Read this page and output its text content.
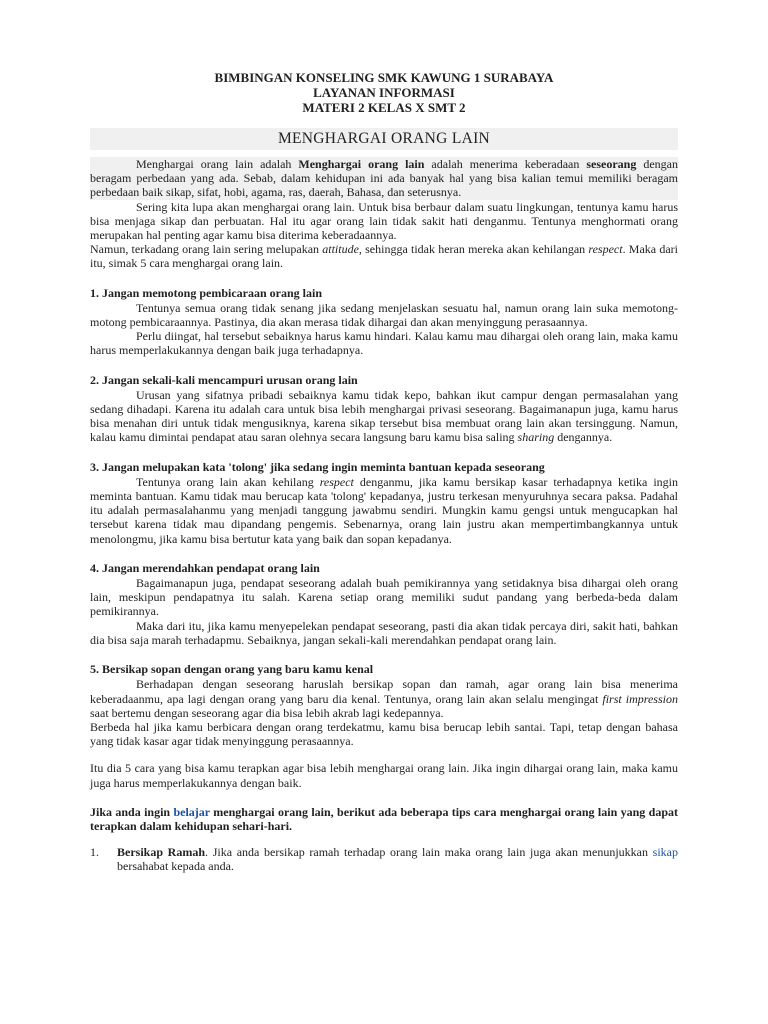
BIMBINGAN KONSELING SMK KAWUNG 1 SURABAYA
LAYANAN INFORMASI
MATERI 2 KELAS X SMT 2
MENGHARGAI ORANG LAIN

Menghargai orang lain adalah Menghargai orang lain adalah menerima keberadaan seseorang dengan beragam perbedaan yang ada. Sebab, dalam kehidupan ini ada banyak hal yang bisa kalian temui memiliki beragam perbedaan baik sikap, sifat, hobi, agama, ras, daerah, Bahasa, dan seterusnya.

Sering kita lupa akan menghargai orang lain. Untuk bisa berbaur dalam suatu lingkungan, tentunya kamu harus bisa menjaga sikap dan perbuatan. Hal itu agar orang lain tidak sakit hati denganmu. Tentunya menghormati orang merupakan hal penting agar kamu bisa diterima keberadaannya.

Namun, terkadang orang lain sering melupakan attitude, sehingga tidak heran mereka akan kehilangan respect. Maka dari itu, simak 5 cara menghargai orang lain.

1. Jangan memotong pembicaraan orang lain

Tentunya semua orang tidak senang jika sedang menjelaskan sesuatu hal, namun orang lain suka memotong-motong pembicaraannya. Pastinya, dia akan merasa tidak dihargai dan akan menyinggung perasaannya.

Perlu diingat, hal tersebut sebaiknya harus kamu hindari. Kalau kamu mau dihargai oleh orang lain, maka kamu harus memperlakukannya dengan baik juga terhadapnya.

2. Jangan sekali-kali mencampuri urusan orang lain

Urusan yang sifatnya pribadi sebaiknya kamu tidak kepo, bahkan ikut campur dengan permasalahan yang sedang dihadapi. Karena itu adalah cara untuk bisa lebih menghargai privasi seseorang. Bagaimanapun juga, kamu harus bisa menahan diri untuk tidak mengusiknya, karena sikap tersebut bisa membuat orang lain akan tersinggung. Namun, kalau kamu dimintai pendapat atau saran olehnya secara langsung baru kamu bisa saling sharing dengannya.

3. Jangan melupakan kata 'tolong' jika sedang ingin meminta bantuan kepada seseorang

Tentunya orang lain akan kehilang respect denganmu, jika kamu bersikap kasar terhadapnya ketika ingin meminta bantuan. Kamu tidak mau berucap kata 'tolong' kepadanya, justru terkesan menyuruhnya secara paksa. Padahal itu adalah permasalahanmu yang menjadi tanggung jawabmu sendiri. Mungkin kamu gengsi untuk mengucapkan hal tersebut karena tidak mau dipandang pengemis. Sebenarnya, orang lain justru akan mempertimbangkannya untuk menolongmu, jika kamu bisa bertutur kata yang baik dan sopan kepadanya.

4. Jangan merendahkan pendapat orang lain

Bagaimanapun juga, pendapat seseorang adalah buah pemikirannya yang setidaknya bisa dihargai oleh orang lain, meskipun pendapatnya itu salah. Karena setiap orang memiliki sudut pandang yang berbeda-beda dalam pemikirannya.

Maka dari itu, jika kamu menyepelekan pendapat seseorang, pasti dia akan tidak percaya diri, sakit hati, bahkan dia bisa saja marah terhadapmu. Sebaiknya, jangan sekali-kali merendahkan pendapat orang lain.

5. Bersikap sopan dengan orang yang baru kamu kenal

Berhadapan dengan seseorang haruslah bersikap sopan dan ramah, agar orang lain bisa menerima keberadaanmu, apa lagi dengan orang yang baru dia kenal. Tentunya, orang lain akan selalu mengingat first impression saat bertemu dengan seseorang agar dia bisa lebih akrab lagi kedepannya.

Berbeda hal jika kamu berbicara dengan orang terdekatmu, kamu bisa berucap lebih santai. Tapi, tetap dengan bahasa yang tidak kasar agar tidak menyinggung perasaannya.

Itu dia 5 cara yang bisa kamu terapkan agar bisa lebih menghargai orang lain. Jika ingin dihargai orang lain, maka kamu juga harus memperlakukannya dengan baik.

Jika anda ingin belajar menghargai orang lain, berikut ada beberapa tips cara menghargai orang lain yang dapat terapkan dalam kehidupan sehari-hari.

1. Bersikap Ramah. Jika anda bersikap ramah terhadap orang lain maka orang lain juga akan menunjukkan sikap bersahabat kepada anda.
